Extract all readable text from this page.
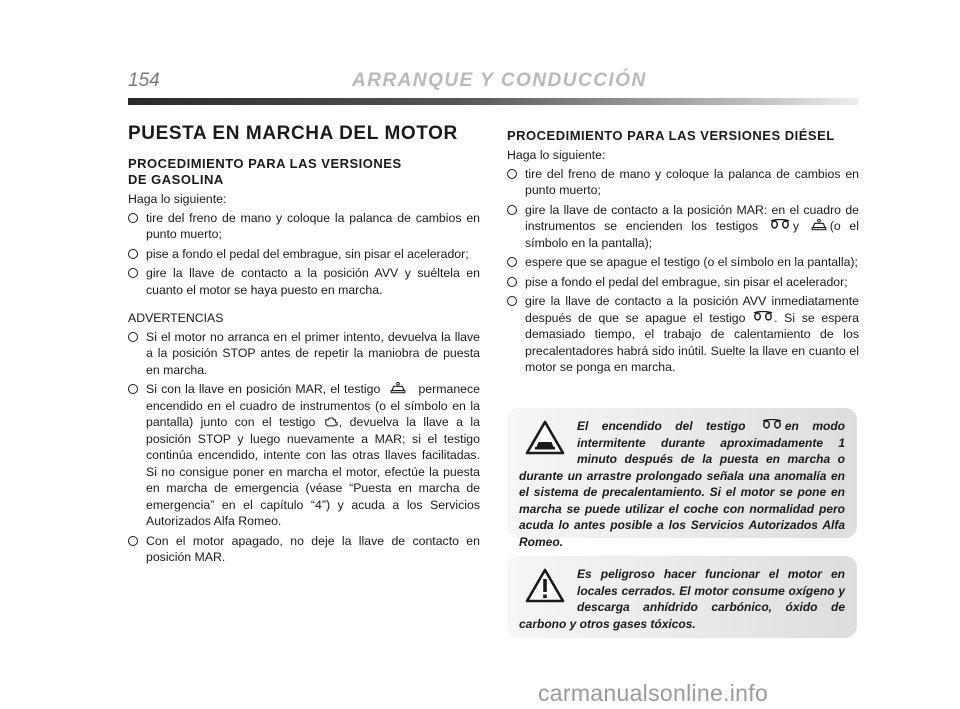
154	ARRANQUE Y CONDUCCIÓN
PUESTA EN MARCHA DEL MOTOR
PROCEDIMIENTO PARA LAS VERSIONES
DE GASOLINA
Haga lo siguiente:
tire del freno de mano y coloque la palanca de cambios en punto muerto;
pise a fondo el pedal del embrague, sin pisar el acelerador;
gire la llave de contacto a la posición AVV y suéltela en cuanto el motor se haya puesto en marcha.
ADVERTENCIAS
Si el motor no arranca en el primer intento, devuelva la llave a la posición STOP antes de repetir la maniobra de puesta en marcha.
Si con la llave en posición MAR, el testigo	permanece encendido en el cuadro de instrumentos (o el símbolo en la pantalla) junto con el testigo , devuelva la llave a la posición STOP y luego nuevamente a MAR; si el testigo continúa encendido, intente con las otras llaves facilitadas. Si no consigue poner en marcha el motor, efectúe la puesta en marcha de emergencia (véase “Puesta en marcha de emergencia” en el capítulo “4”) y acuda a los Servicios Autorizados Alfa Romeo.
Con el motor apagado, no deje la llave de contacto en posición MAR.
PROCEDIMIENTO PARA LAS VERSIONES DIÉSEL
Haga lo siguiente:
tire del freno de mano y coloque la palanca de cambios en punto muerto;
gire la llave de contacto a la posición MAR: en el cuadro de instrumentos se encienden los testigos	y (o el símbolo en la pantalla);
espere que se apague el testigo (o el símbolo en la pantalla);
pise a fondo el pedal del embrague, sin pisar el acelerador;
gire la llave de contacto a la posición AVV inmediatamente después de que se apague el testigo . Si se espera demasiado tiempo, el trabajo de calentamiento de los precalentadores habrá sido inútil. Suelte la llave en cuanto el motor se ponga en marcha.

El encendido del testigo	en modo intermitente durante aproximadamente 1 minuto después de la puesta en marcha o durante un arrastre prolongado señala una anomalía en el sistema de precalentamiento. Si el motor se pone en marcha se puede utilizar el coche con normalidad pero acuda lo antes posible a los Servicios Autorizados Alfa Romeo.

Es peligroso hacer funcionar el motor en locales cerrados. El motor consume oxígeno y descarga anhídrido carbónico, óxido de carbono y otros gases tóxicos.

carmanualsonline.info
